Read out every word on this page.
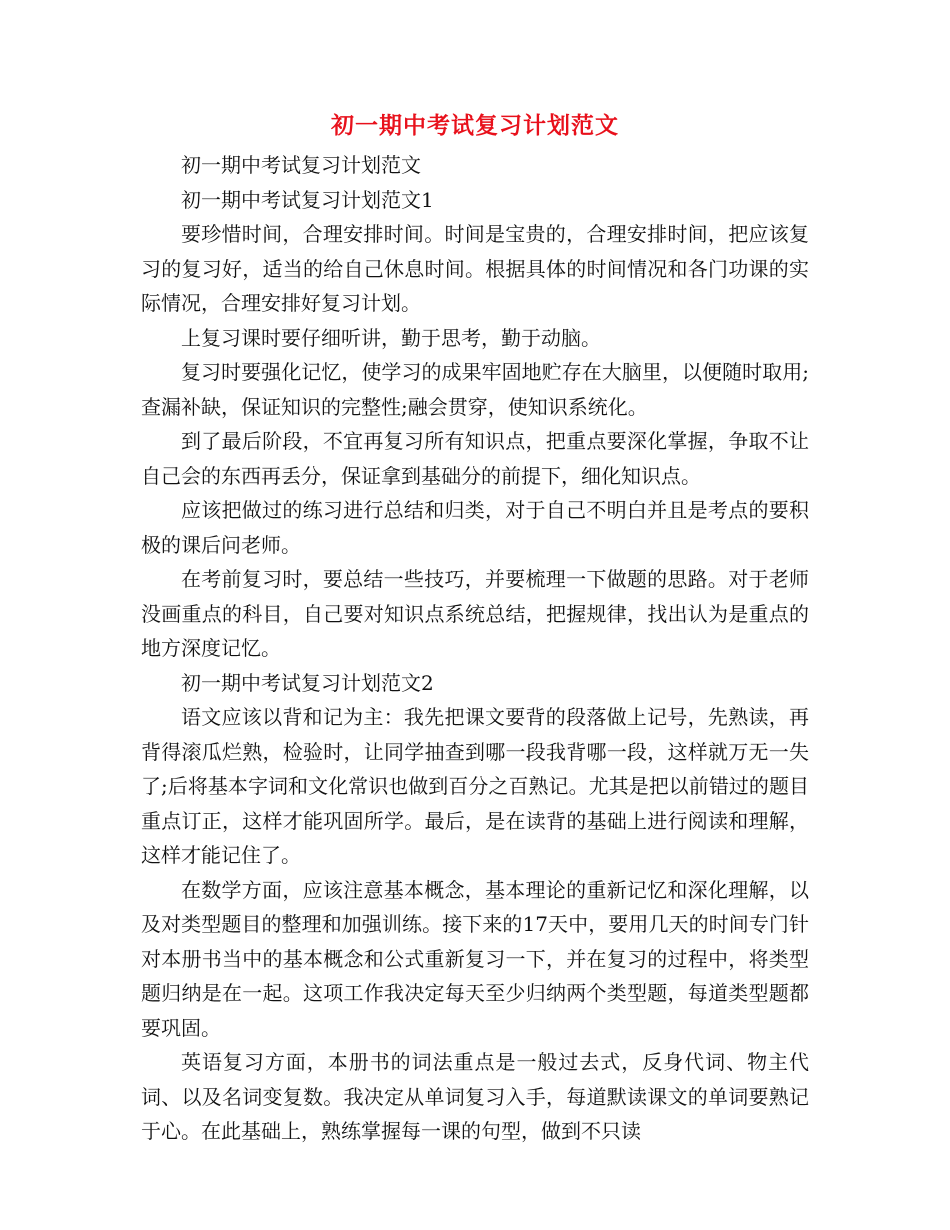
初一期中考试复习计划范文

初一期中考试复习计划范文

初一期中考试复习计划范文1

要珍惜时间，合理安排时间。时间是宝贵的，合理安排时间，把应该复习的复习好，适当的给自己休息时间。根据具体的时间情况和各门功课的实际情况，合理安排好复习计划。

上复习课时要仔细听讲，勤于思考，勤于动脑。

复习时要强化记忆，使学习的成果牢固地贮存在大脑里，以便随时取用;查漏补缺，保证知识的完整性;融会贯穿，使知识系统化。

到了最后阶段，不宜再复习所有知识点，把重点要深化掌握，争取不让自己会的东西再丢分，保证拿到基础分的前提下，细化知识点。

应该把做过的练习进行总结和归类，对于自己不明白并且是考点的要积极的课后问老师。

在考前复习时，要总结一些技巧，并要梳理一下做题的思路。对于老师没画重点的科目，自己要对知识点系统总结，把握规律，找出认为是重点的地方深度记忆。

初一期中考试复习计划范文2

语文应该以背和记为主：我先把课文要背的段落做上记号，先熟读，再背得滚瓜烂熟，检验时，让同学抽查到哪一段我背哪一段，这样就万无一失了;后将基本字词和文化常识也做到百分之百熟记。尤其是把以前错过的题目重点订正，这样才能巩固所学。最后，是在读背的基础上进行阅读和理解，这样才能记住了。

在数学方面，应该注意基本概念，基本理论的重新记忆和深化理解，以及对类型题目的整理和加强训练。接下来的17天中，要用几天的时间专门针对本册书当中的基本概念和公式重新复习一下，并在复习的过程中，将类型题归纳是在一起。这项工作我决定每天至少归纳两个类型题，每道类型题都要巩固。

英语复习方面，本册书的词法重点是一般过去式，反身代词、物主代词、以及名词变复数。我决定从单词复习入手，每道默读课文的单词要熟记于心。在此基础上，熟练掌握每一课的句型，做到不只读
